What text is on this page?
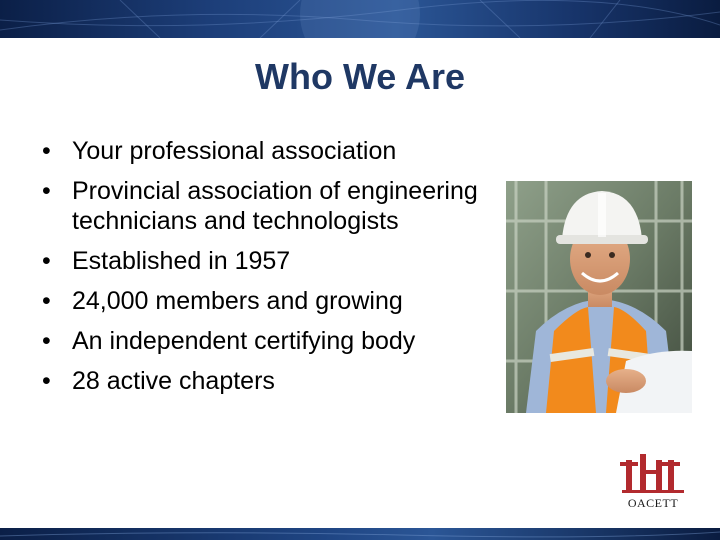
Who We Are
• Your professional association
• Provincial association of engineering technicians and technologists
• Established in 1957
• 24,000 members and growing
• An independent certifying body
• 28 active chapters
OACETT
